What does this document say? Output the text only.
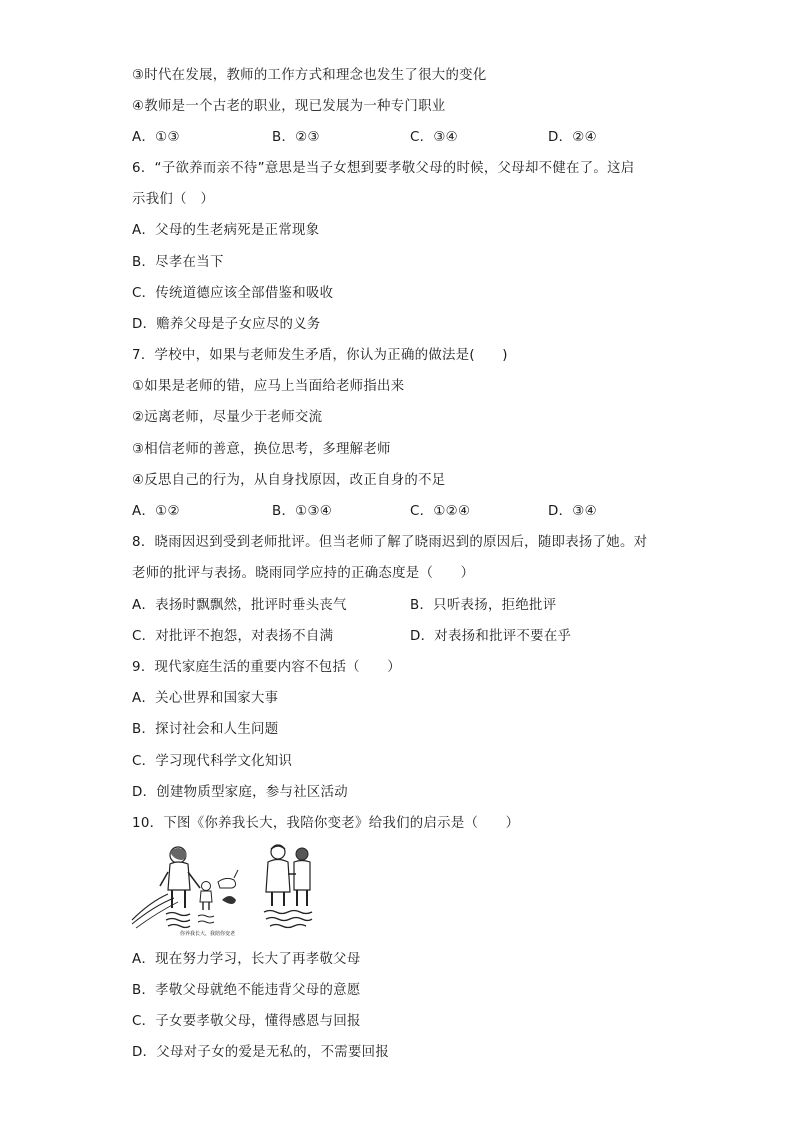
③时代在发展，教师的工作方式和理念也发生了很大的变化
④教师是一个古老的职业，现已发展为一种专门职业
A．①③	B．②③	C．③④	D．②④
6．“子欲养而亲不待”意思是当子女想到要孝敬父母的时候，父母却不健在了。这启
示我们（　）
A．父母的生老病死是正常现象
B．尽孝在当下
C．传统道德应该全部借鉴和吸收
D．赡养父母是子女应尽的义务
7．学校中，如果与老师发生矛盾，你认为正确的做法是(　　)
①如果是老师的错，应马上当面给老师指出来
②远离老师，尽量少于老师交流
③相信老师的善意，换位思考，多理解老师
④反思自己的行为，从自身找原因，改正自身的不足
A．①②	B．①③④	C．①②④	D．③④
8．晓雨因迟到受到老师批评。但当老师了解了晓雨迟到的原因后，随即表扬了她。对
老师的批评与表扬。晓雨同学应持的正确态度是（　　）
A．表扬时飘飘然，批评时垂头丧气	B．只听表扬，拒绝批评
C．对批评不抱怨，对表扬不自满	D．对表扬和批评不要在乎
9．现代家庭生活的重要内容不包括（　　）
A．关心世界和国家大事
B．探讨社会和人生问题
C．学习现代科学文化知识
D．创建物质型家庭，参与社区活动
10．下图《你养我长大，我陪你变老》给我们的启示是（　　）
你养我长大，我陪你变老
A．现在努力学习，长大了再孝敬父母
B．孝敬父母就绝不能违背父母的意愿
C．子女要孝敬父母，懂得感恩与回报
D．父母对子女的爱是无私的，不需要回报
